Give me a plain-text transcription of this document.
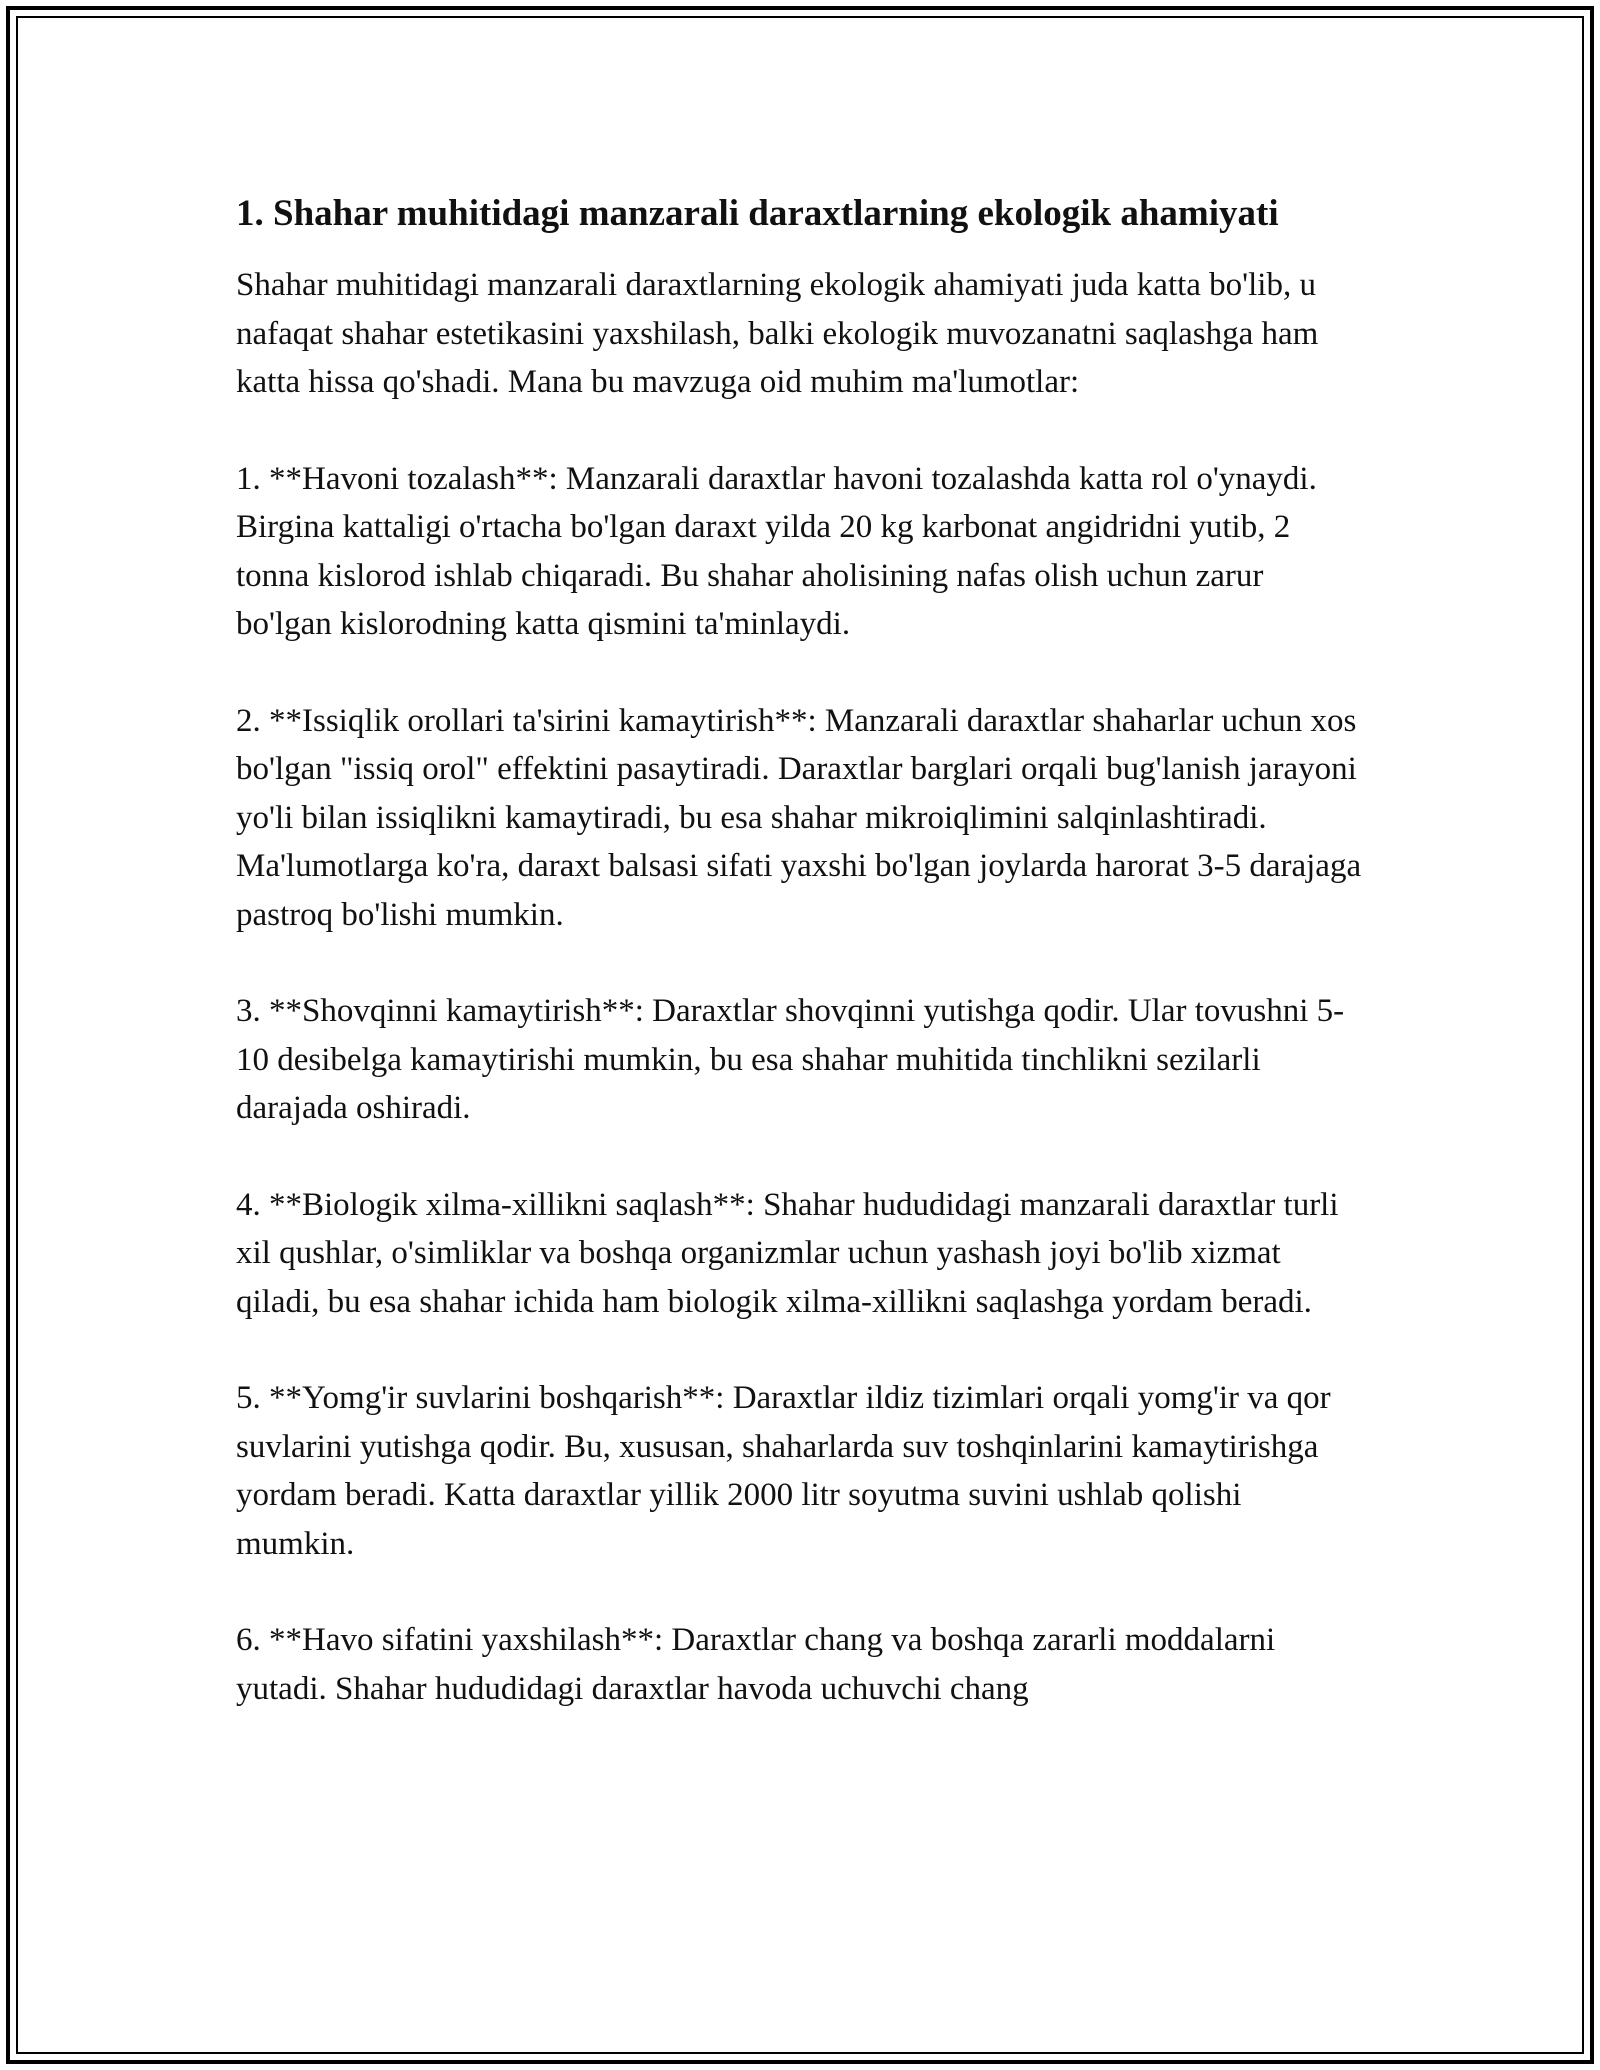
1. Shahar muhitidagi manzarali daraxtlarning ekologik ahamiyati

Shahar muhitidagi manzarali daraxtlarning ekologik ahamiyati juda katta bo'lib, u nafaqat shahar estetikasini yaxshilash, balki ekologik muvozanatni saqlashga ham katta hissa qo'shadi. Mana bu mavzuga oid muhim ma'lumotlar:

1. **Havoni tozalash**: Manzarali daraxtlar havoni tozalashda katta rol o'ynaydi. Birgina kattaligi o'rtacha bo'lgan daraxt yilda 20 kg karbonat angidridni yutib, 2 tonna kislorod ishlab chiqaradi. Bu shahar aholisining nafas olish uchun zarur bo'lgan kislorodning katta qismini ta'minlaydi.

2. **Issiqlik orollari ta'sirini kamaytirish**: Manzarali daraxtlar shaharlar uchun xos bo'lgan "issiq orol" effektini pasaytiradi. Daraxtlar barglari orqali bug'lanish jarayoni yo'li bilan issiqlikni kamaytiradi, bu esa shahar mikroiqlimini salqinlashtiradi. Ma'lumotlarga ko'ra, daraxt balsasi sifati yaxshi bo'lgan joylarda harorat 3-5 darajaga pastroq bo'lishi mumkin.

3. **Shovqinni kamaytirish**: Daraxtlar shovqinni yutishga qodir. Ular tovushni 5-10 desibelga kamaytirishi mumkin, bu esa shahar muhitida tinchlikni sezilarli darajada oshiradi.

4. **Biologik xilma-xillikni saqlash**: Shahar hududidagi manzarali daraxtlar turli xil qushlar, o'simliklar va boshqa organizmlar uchun yashash joyi bo'lib xizmat qiladi, bu esa shahar ichida ham biologik xilma-xillikni saqlashga yordam beradi.

5. **Yomg'ir suvlarini boshqarish**: Daraxtlar ildiz tizimlari orqali yomg'ir va qor suvlarini yutishga qodir. Bu, xususan, shaharlarda suv toshqinlarini kamaytirishga yordam beradi. Katta daraxtlar yillik 2000 litr soyutma suvini ushlab qolishi mumkin.

6. **Havo sifatini yaxshilash**: Daraxtlar chang va boshqa zararli moddalarni yutadi. Shahar hududidagi daraxtlar havoda uchuvchi chang
